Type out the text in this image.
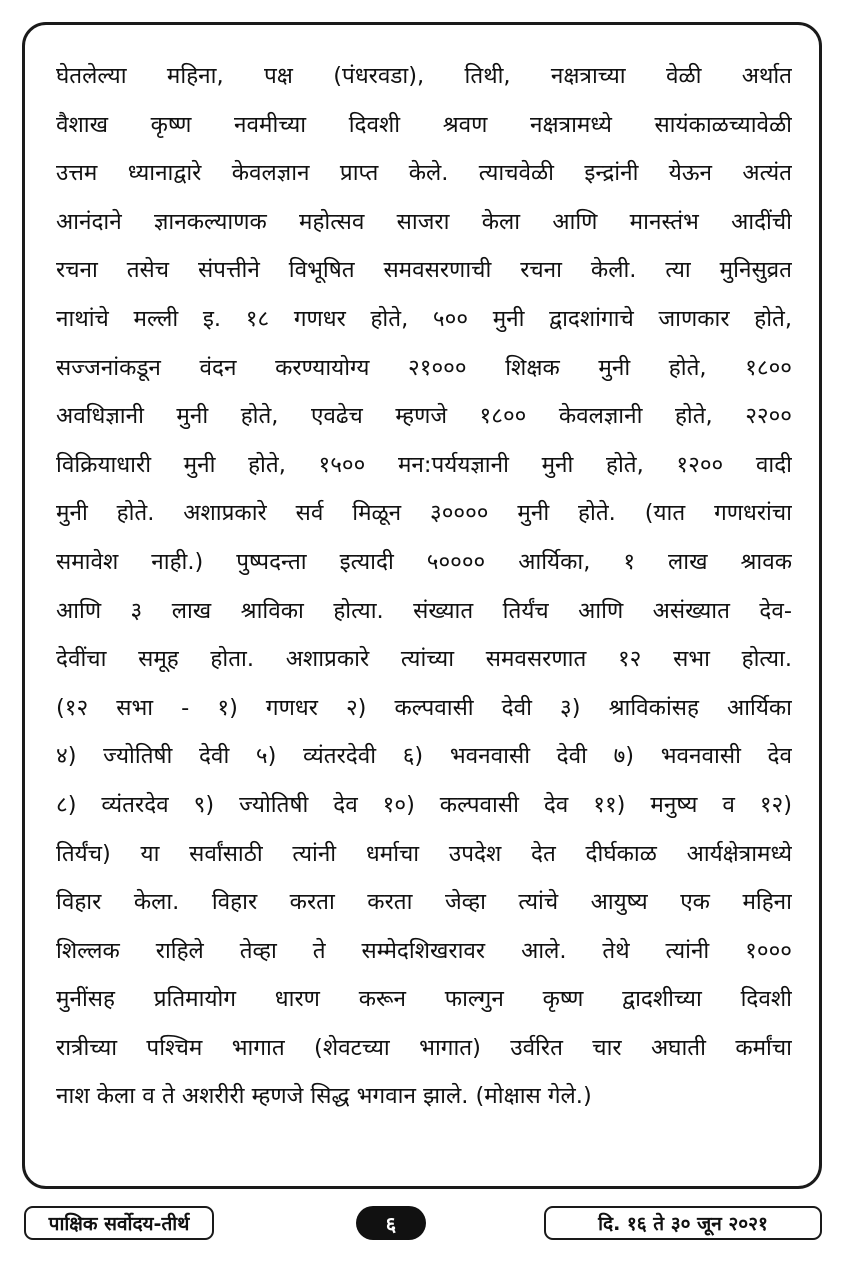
घेतलेल्या महिना, पक्ष (पंधरवडा), तिथी, नक्षत्राच्या वेळी अर्थात
वैशाख कृष्ण नवमीच्या दिवशी श्रवण नक्षत्रामध्ये सायंकाळच्यावेळी
उत्तम ध्यानाद्वारे केवलज्ञान प्राप्त केले. त्याचवेळी इन्द्रांनी येऊन अत्यंत
आनंदाने ज्ञानकल्याणक महोत्सव साजरा केला आणि मानस्तंभ आदींची
रचना तसेच संपत्तीने विभूषित समवसरणाची रचना केली. त्या मुनिसुव्रत
नाथांचे मल्ली इ. १८ गणधर होते, ५०० मुनी द्वादशांगाचे जाणकार होते,
सज्जनांकडून वंदन करण्यायोग्य २१००० शिक्षक मुनी होते, १८००
अवधिज्ञानी मुनी होते, एवढेच म्हणजे १८०० केवलज्ञानी होते, २२००
विक्रियाधारी मुनी होते, १५०० मन:पर्ययज्ञानी मुनी होते, १२०० वादी
मुनी होते. अशाप्रकारे सर्व मिळून ३०००० मुनी होते. (यात गणधरांचा
समावेश नाही.) पुष्पदन्ता इत्यादी ५०००० आर्यिका, १ लाख श्रावक
आणि ३ लाख श्राविका होत्या. संख्यात तिर्यंच आणि असंख्यात देव-
देवींचा समूह होता. अशाप्रकारे त्यांच्या समवसरणात १२ सभा होत्या.
(१२ सभा - १) गणधर २) कल्पवासी देवी ३) श्राविकांसह आर्यिका
४) ज्योतिषी देवी ५) व्यंतरदेवी ६) भवनवासी देवी ७) भवनवासी देव
८) व्यंतरदेव ९) ज्योतिषी देव १०) कल्पवासी देव ११) मनुष्य व १२)
तिर्यंच) या सर्वांसाठी त्यांनी धर्माचा उपदेश देत दीर्घकाळ आर्यक्षेत्रामध्ये
विहार केला. विहार करता करता जेव्हा त्यांचे आयुष्य एक महिना
शिल्लक राहिले तेव्हा ते सम्मेदशिखरावर आले. तेथे त्यांनी १०००
मुनींसह प्रतिमायोग धारण करून फाल्गुन कृष्ण द्वादशीच्या दिवशी
रात्रीच्या पश्चिम भागात (शेवटच्या भागात) उर्वरित चार अघाती कर्मांचा
नाश केला व ते अशरीरी म्हणजे सिद्ध भगवान झाले. (मोक्षास गेले.)
पाक्षिक सर्वोदय-तीर्थ	६	दि. १६ ते ३० जून २०२१
